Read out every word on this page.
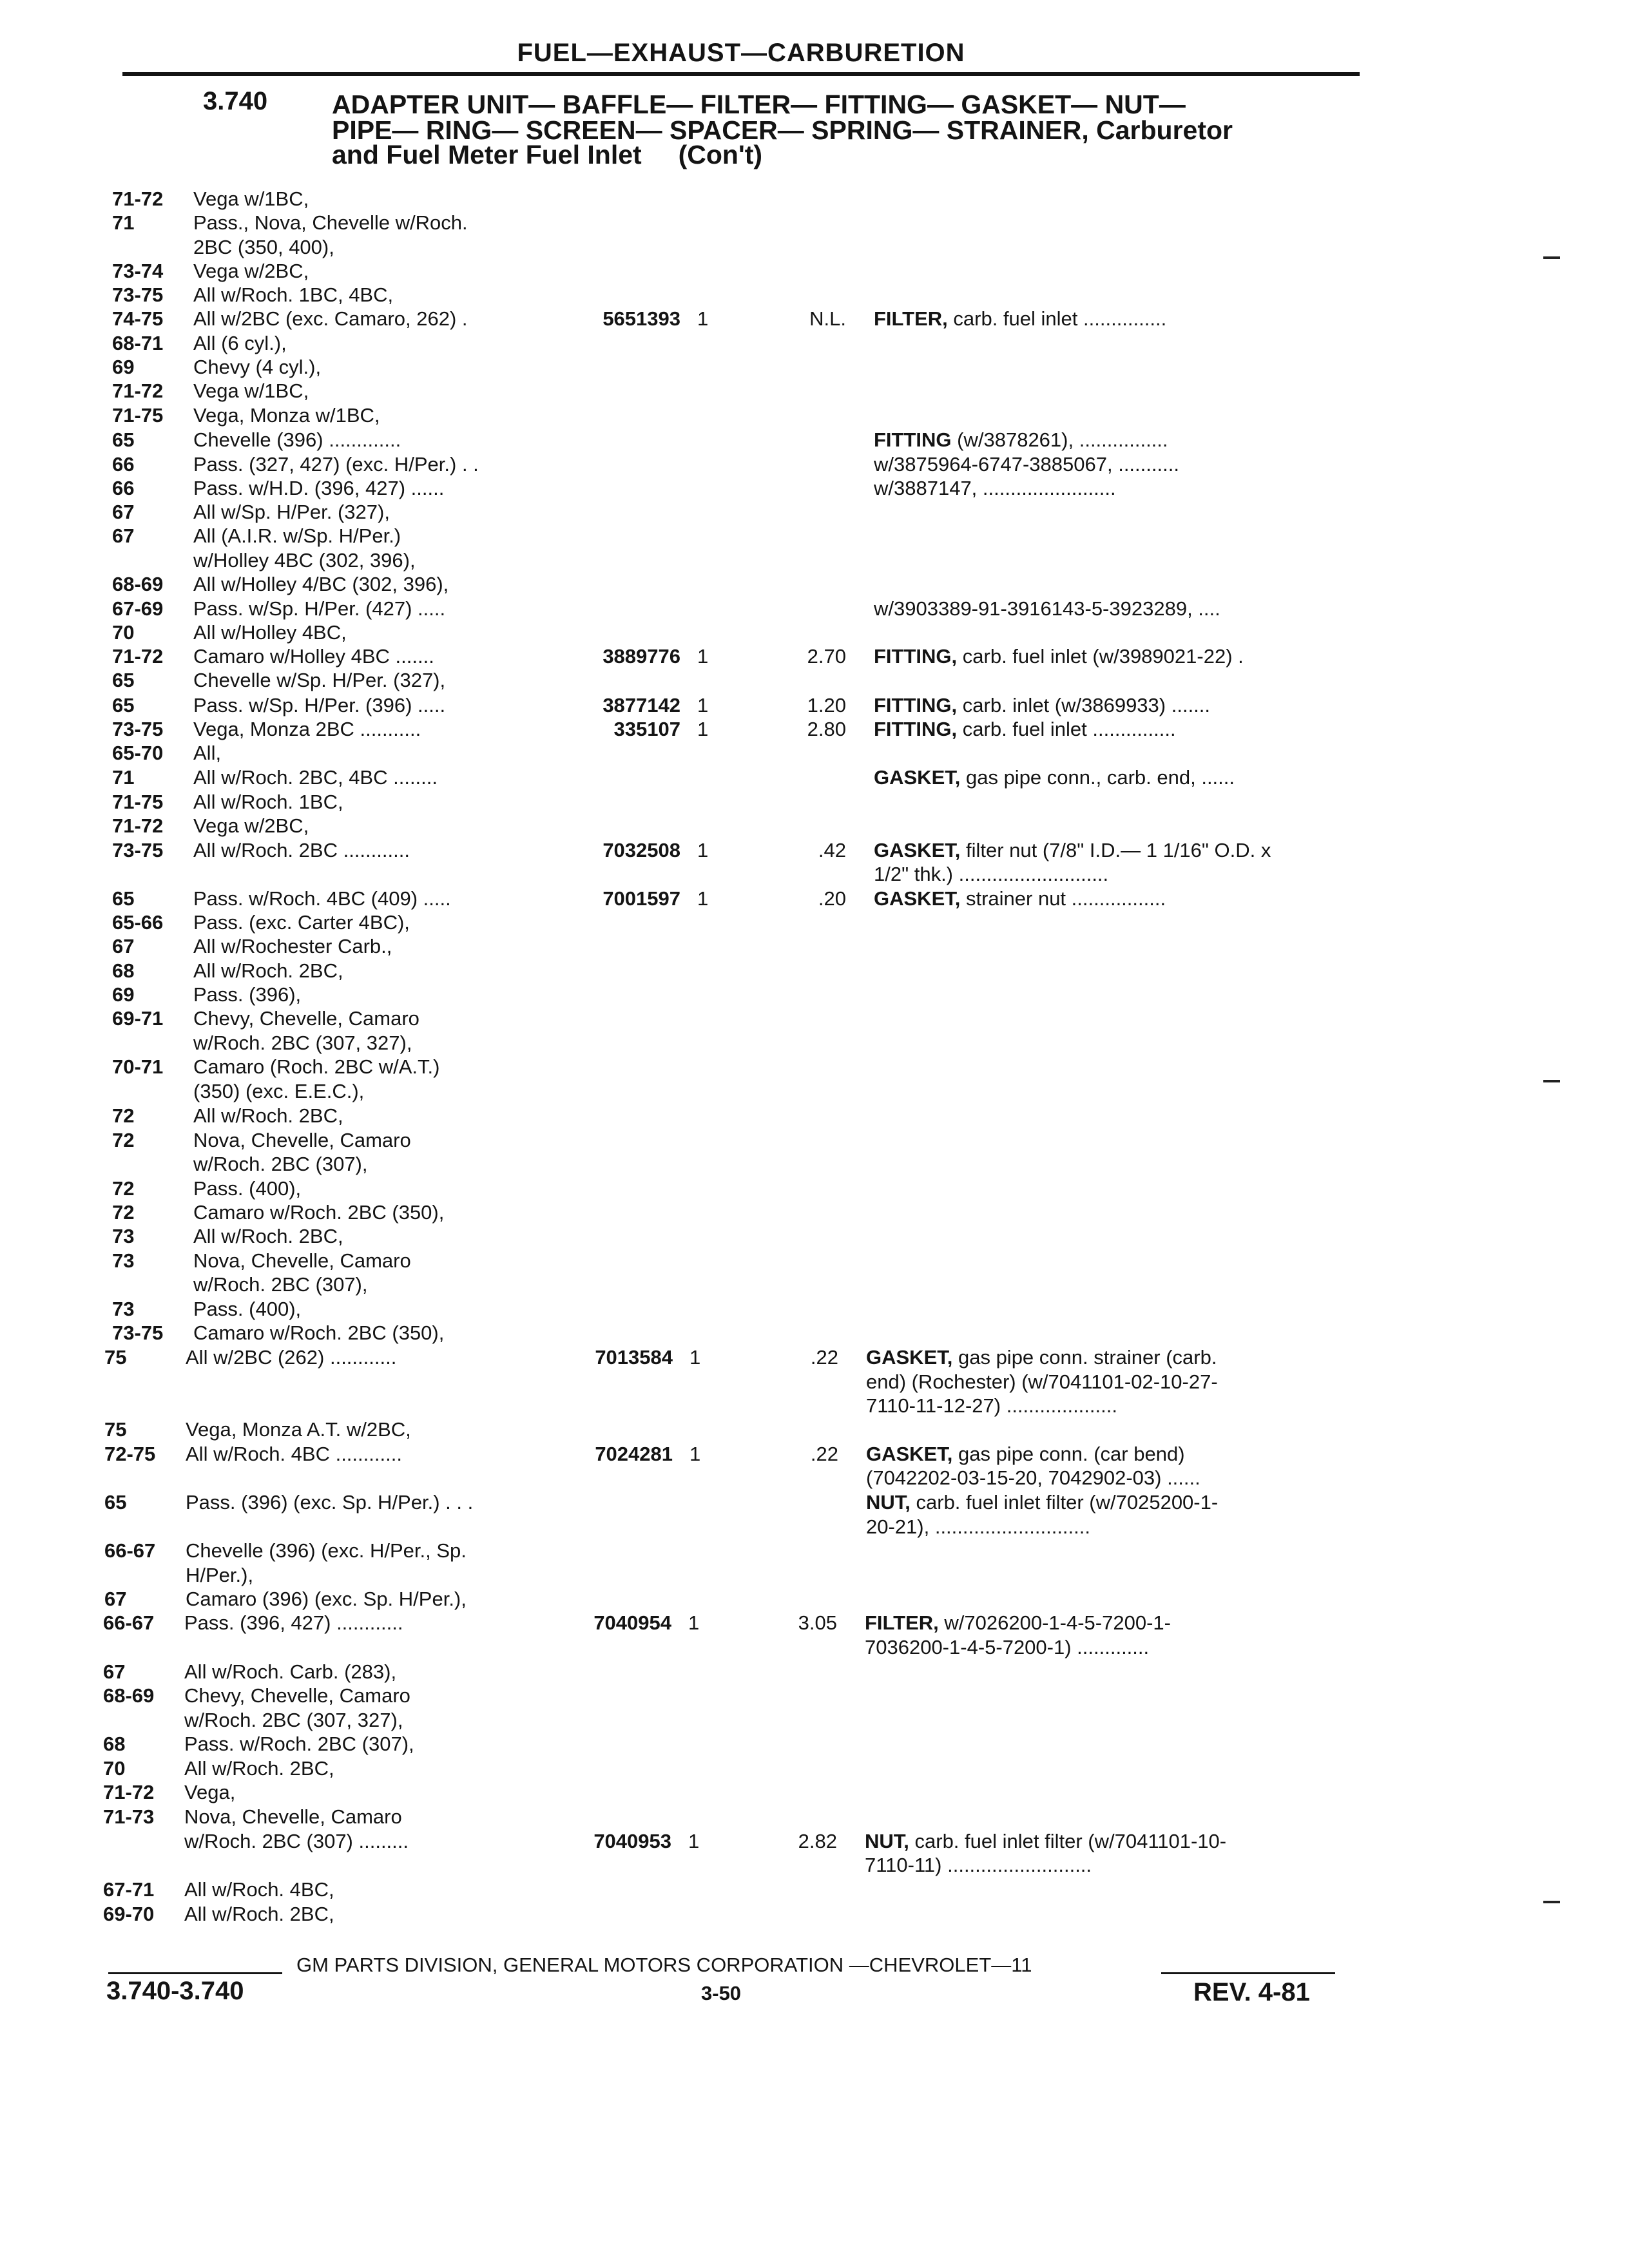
FUEL—EXHAUST—CARBURETION
3.740 ADAPTER UNIT— BAFFLE— FILTER— FITTING— GASKET— NUT—
PIPE— RING— SCREEN— SPACER— SPRING— STRAINER, Carburetor
and Fuel Meter Fuel Inlet     (Con't)
71-72 Vega w/1BC,
71	Pass., Nova, Chevelle w/Roch.
2BC (350, 400),
73-74 Vega w/2BC,
73-75 All w/Roch. 1BC, 4BC,
74-75 All w/2BC (exc. Camaro, 262) .	5651393 1	N.L. FILTER, carb. fuel inlet ...............
68-71 All (6 cyl.),
69	Chevy (4 cyl.),
71-72 Vega w/1BC,
71-75 Vega, Monza w/1BC,
65	Chevelle (396) .............	FITTING (w/3878261), ................
66	Pass. (327, 427) (exc. H/Per.) . .	w/3875964-6747-3885067, ...........
66	Pass. w/H.D. (396, 427) ......	w/3887147, ........................
67	All w/Sp. H/Per. (327),
67	All (A.I.R. w/Sp. H/Per.)
w/Holley 4BC (302, 396),
68-69 All w/Holley 4/BC (302, 396),
67-69 Pass. w/Sp. H/Per. (427) .....	w/3903389-91-3916143-5-3923289, ....
70	All w/Holley 4BC,
71-72 Camaro w/Holley 4BC .......	3889776 1	2.70 FITTING, carb. fuel inlet (w/3989021-22) .
65	Chevelle w/Sp. H/Per. (327),
65	Pass. w/Sp. H/Per. (396) .....	3877142 1	1.20 FITTING, carb. inlet (w/3869933) .......
73-75 Vega, Monza 2BC ...........	335107 1	2.80 FITTING, carb. fuel inlet ...............
65-70 All,
71	All w/Roch. 2BC, 4BC ........	GASKET, gas pipe conn., carb. end, ......
71-75 All w/Roch. 1BC,
71-72 Vega w/2BC,
73-75 All w/Roch. 2BC ............	7032508 1	.42 GASKET, filter nut (7/8" I.D.— 1 1/16" O.D. x
1/2" thk.) ...........................
65	Pass. w/Roch. 4BC (409) .....	7001597 1	.20 GASKET, strainer nut .................
65-66 Pass. (exc. Carter 4BC),
67	All w/Rochester Carb.,
68	All w/Roch. 2BC,
69	Pass. (396),
69-71 Chevy, Chevelle, Camaro
w/Roch. 2BC (307, 327),
70-71 Camaro (Roch. 2BC w/A.T.)
(350) (exc. E.E.C.),
72	All w/Roch. 2BC,
72	Nova, Chevelle, Camaro
w/Roch. 2BC (307),
72	Pass. (400),
72	Camaro w/Roch. 2BC (350),
73	All w/Roch. 2BC,
73	Nova, Chevelle, Camaro
w/Roch. 2BC (307),
73	Pass. (400),
73-75 Camaro w/Roch. 2BC (350),
75	All w/2BC (262) ............	7013584 1	.22 GASKET, gas pipe conn. strainer (carb.
end) (Rochester) (w/7041101-02-10-27-
7110-11-12-27) ....................
75	Vega, Monza A.T. w/2BC,
72-75 All w/Roch. 4BC ............	7024281 1	.22 GASKET, gas pipe conn. (car bend)
(7042202-03-15-20, 7042902-03) ......
65	Pass. (396) (exc. Sp. H/Per.) . . .	NUT, carb. fuel inlet filter (w/7025200-1-
20-21), ............................
66-67 Chevelle (396) (exc. H/Per., Sp.
H/Per.),
67	Camaro (396) (exc. Sp. H/Per.),
66-67 Pass. (396, 427) ............	7040954 1	3.05 FILTER, w/7026200-1-4-5-7200-1-
7036200-1-4-5-7200-1) .............
67	All w/Roch. Carb. (283),
68-69 Chevy, Chevelle, Camaro
w/Roch. 2BC (307, 327),
68	Pass. w/Roch. 2BC (307),
70	All w/Roch. 2BC,
71-72 Vega,
71-73 Nova, Chevelle, Camaro
w/Roch. 2BC (307) .........	7040953 1	2.82 NUT, carb. fuel inlet filter (w/7041101-10-
7110-11) ..........................
67-71 All w/Roch. 4BC,
69-70 All w/Roch. 2BC,
GM PARTS DIVISION, GENERAL MOTORS CORPORATION —CHEVROLET—11
3.740-3.740	3-50	REV. 4-81
